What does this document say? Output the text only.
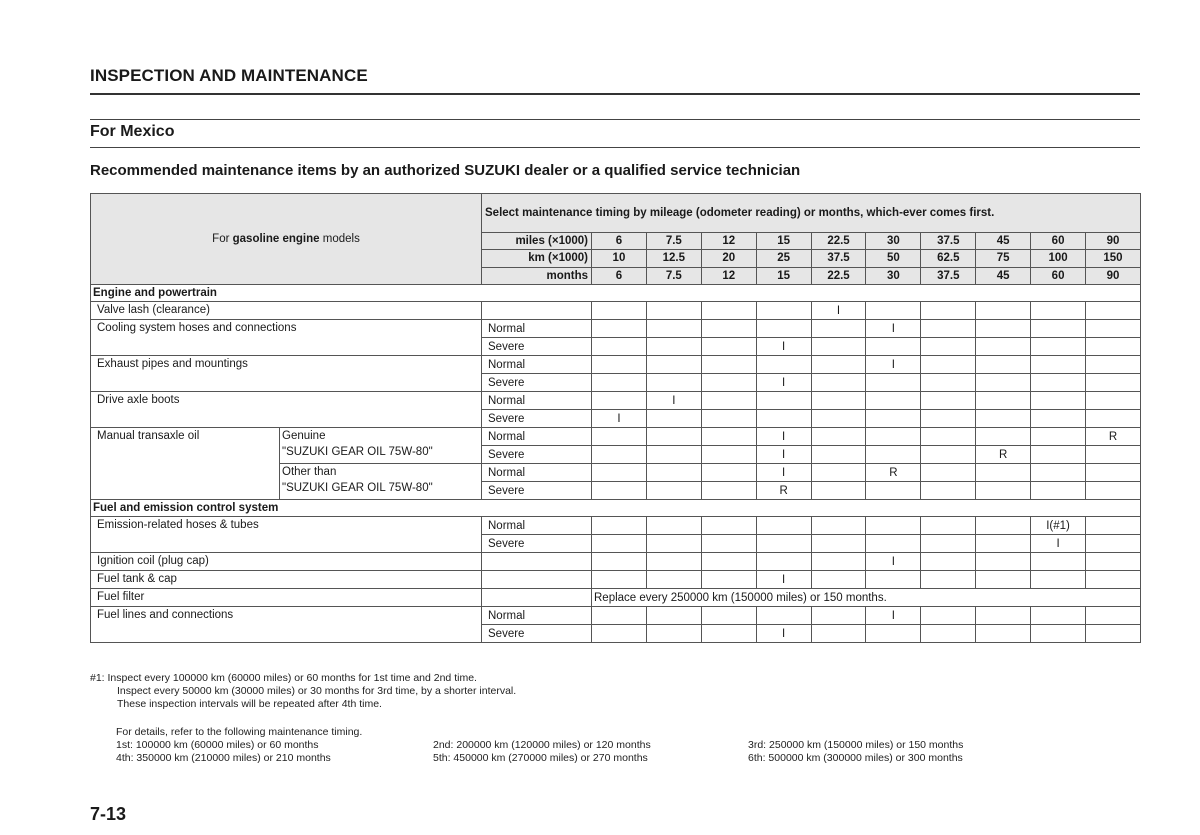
INSPECTION AND MAINTENANCE
For Mexico
Recommended maintenance items by an authorized SUZUKI dealer or a qualified service technician
For gasoline engine models		Select maintenance timing by mileage (odometer reading) or months, which-ever comes first.										
		miles (×1000)	6	7.5	12	15	22.5	30	37.5	45	60	90
		km (×1000)	10	12.5	20	25	37.5	50	62.5	75	100	150
		months	6	7.5	12	15	22.5	30	37.5	45	60	90
Engine and powertrain												
Valve lash (clearance)							I					
Cooling system hoses and connections		Normal						I				
		Severe				I						
Exhaust pipes and mountings		Normal						I				
		Severe				I						
Drive axle boots		Normal		I								
		Severe	I									
Manual transaxle oil	Genuine
"SUZUKI GEAR OIL 75W-80"	Normal				I						R
		Severe				I				R		
	Other than
"SUZUKI GEAR OIL 75W-80"	Normal				I		R				
		Severe				R						
Fuel and emission control system												
Emission-related hoses & tubes		Normal									I(#1)	
		Severe									I	
Ignition coil (plug cap)								I				
Fuel tank & cap						I						
Fuel filter			Replace every 250000 km (150000 miles) or 150 months.									
Fuel lines and connections		Normal						I				
		Severe				I						
#1: Inspect every 100000 km (60000 miles) or 60 months for 1st time and 2nd time.
Inspect every 50000 km (30000 miles) or 30 months for 3rd time, by a shorter interval.
These inspection intervals will be repeated after 4th time.
For details, refer to the following maintenance timing.
1st: 100000 km (60000 miles) or 60 months	2nd: 200000 km (120000 miles) or 120 months	3rd: 250000 km (150000 miles) or 150 months
4th: 350000 km (210000 miles) or 210 months	5th: 450000 km (270000 miles) or 270 months	6th: 500000 km (300000 miles) or 300 months
7-13
